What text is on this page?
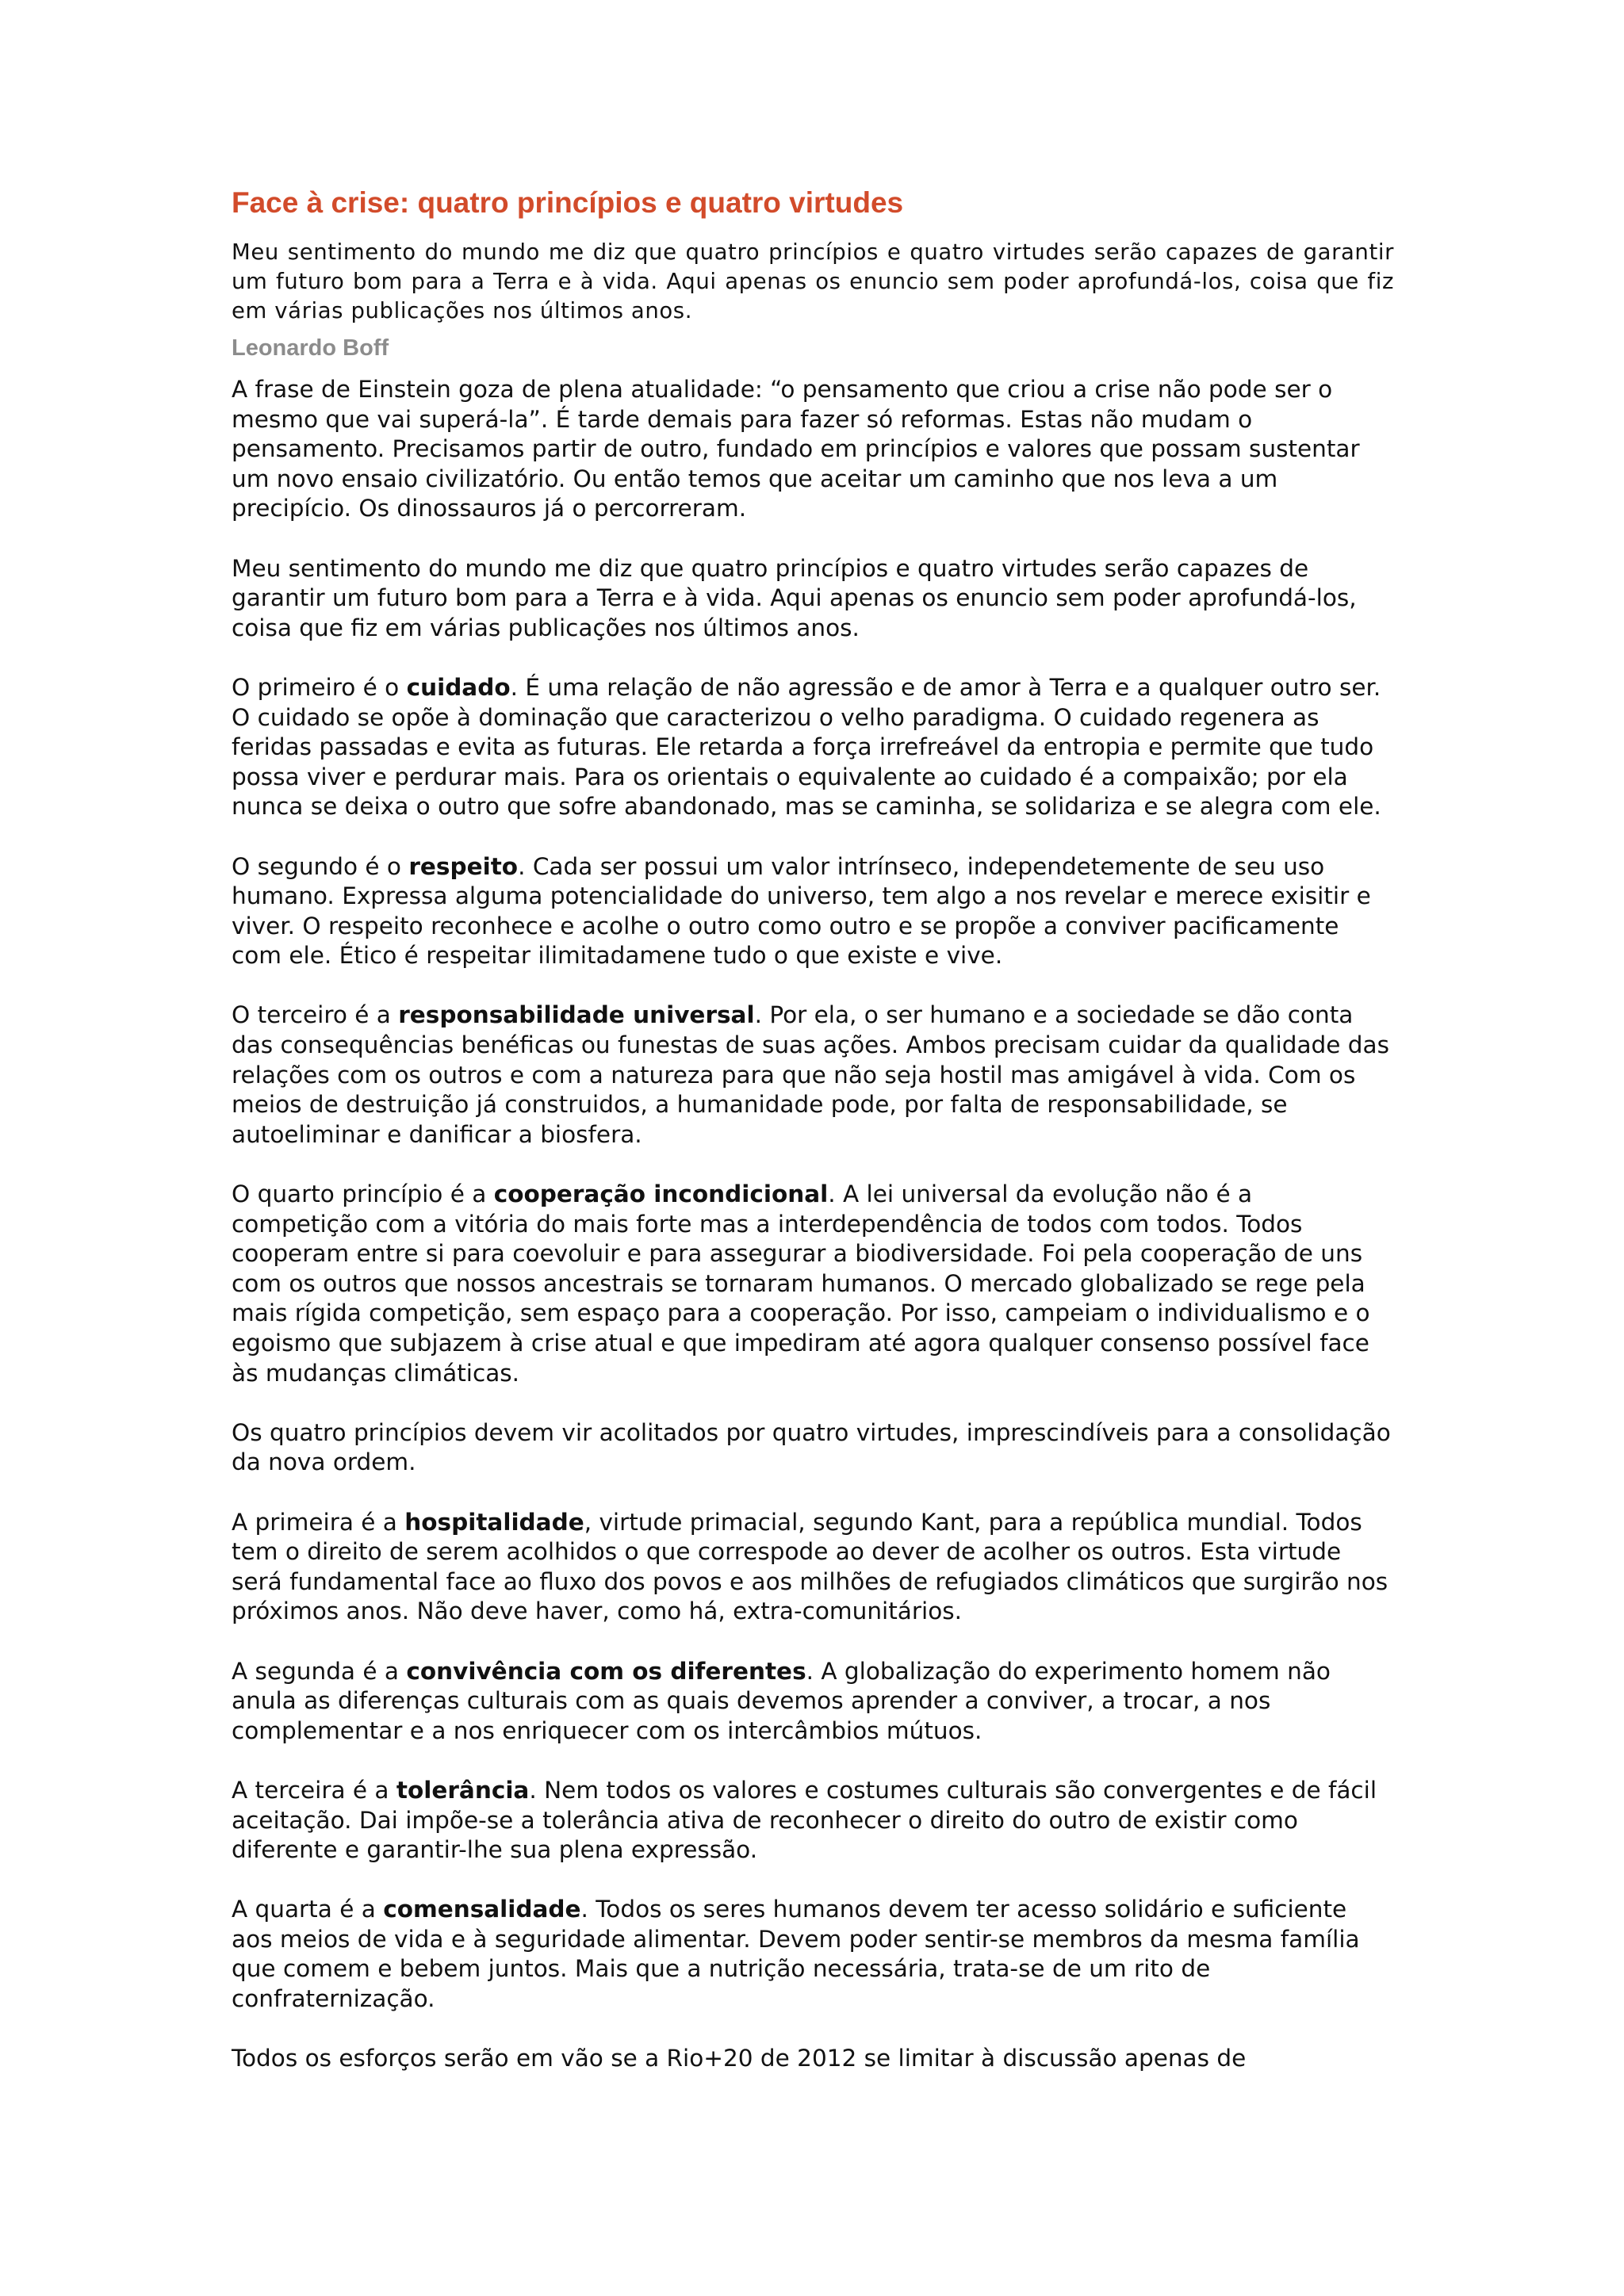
Face à crise: quatro princípios e quatro virtudes

Meu sentimento do mundo me diz que quatro princípios e quatro virtudes serão capazes de garantir um futuro bom para a Terra e à vida. Aqui apenas os enuncio sem poder aprofundá-los, coisa que fiz em várias publicações nos últimos anos.

Leonardo Boff

A frase de Einstein goza de plena atualidade: “o pensamento que criou a crise não pode ser o mesmo que vai superá-la”. É tarde demais para fazer só reformas. Estas não mudam o pensamento. Precisamos partir de outro, fundado em princípios e valores que possam sustentar um novo ensaio civilizatório. Ou então temos que aceitar um caminho que nos leva a um precipício. Os dinossauros já o percorreram.

Meu sentimento do mundo me diz que quatro princípios e quatro virtudes serão capazes de garantir um futuro bom para a Terra e à vida. Aqui apenas os enuncio sem poder aprofundá-los, coisa que fiz em várias publicações nos últimos anos.

O primeiro é o cuidado. É uma relação de não agressão e de amor à Terra e a qualquer outro ser. O cuidado se opõe à dominação que caracterizou o velho paradigma. O cuidado regenera as feridas passadas e evita as futuras. Ele retarda a força irrefreável da entropia e permite que tudo possa viver e perdurar mais. Para os orientais o equivalente ao cuidado é a compaixão; por ela nunca se deixa o outro que sofre abandonado, mas se caminha, se solidariza e se alegra com ele.

O segundo é o respeito. Cada ser possui um valor intrínseco, independetemente de seu uso humano. Expressa alguma potencialidade do universo, tem algo a nos revelar e merece exisitir e viver. O respeito reconhece e acolhe o outro como outro e se propõe a conviver pacificamente com ele. Ético é respeitar ilimitadamene tudo o que existe e vive.

O terceiro é a responsabilidade universal. Por ela, o ser humano e a sociedade se dão conta das consequências benéficas ou funestas de suas ações. Ambos precisam cuidar da qualidade das relações com os outros e com a natureza para que não seja hostil mas amigável à vida. Com os meios de destruição já construidos, a humanidade pode, por falta de responsabilidade, se autoeliminar e danificar a biosfera.

O quarto princípio é a cooperação incondicional. A lei universal da evolução não é a competição com a vitória do mais forte mas a interdependência de todos com todos. Todos cooperam entre si para coevoluir e para assegurar a biodiversidade. Foi pela cooperação de uns com os outros que nossos ancestrais se tornaram humanos. O mercado globalizado se rege pela mais rígida competição, sem espaço para a cooperação. Por isso, campeiam o individualismo e o egoismo que subjazem à crise atual e que impediram até agora qualquer consenso possível face às mudanças climáticas.

Os quatro princípios devem vir acolitados por quatro virtudes, imprescindíveis para a consolidação da nova ordem.

A primeira é a hospitalidade, virtude primacial, segundo Kant, para a república mundial. Todos tem o direito de serem acolhidos o que correspode ao dever de acolher os outros. Esta virtude será fundamental face ao fluxo dos povos e aos milhões de refugiados climáticos que surgirão nos próximos anos. Não deve haver, como há, extra-comunitários.

A segunda é a convivência com os diferentes. A globalização do experimento homem não anula as diferenças culturais com as quais devemos aprender a conviver, a trocar, a nos complementar e a nos enriquecer com os intercâmbios mútuos.

A terceira é a tolerância. Nem todos os valores e costumes culturais são convergentes e de fácil aceitação. Dai impõe-se a tolerância ativa de reconhecer o direito do outro de existir como diferente e garantir-lhe sua plena expressão.

A quarta é a comensalidade. Todos os seres humanos devem ter acesso solidário e suficiente aos meios de vida e à seguridade alimentar. Devem poder sentir-se membros da mesma família que comem e bebem juntos. Mais que a nutrição necessária, trata-se de um rito de confraternização.

Todos os esforços serão em vão se a Rio+20 de 2012 se limitar à discussão apenas de
